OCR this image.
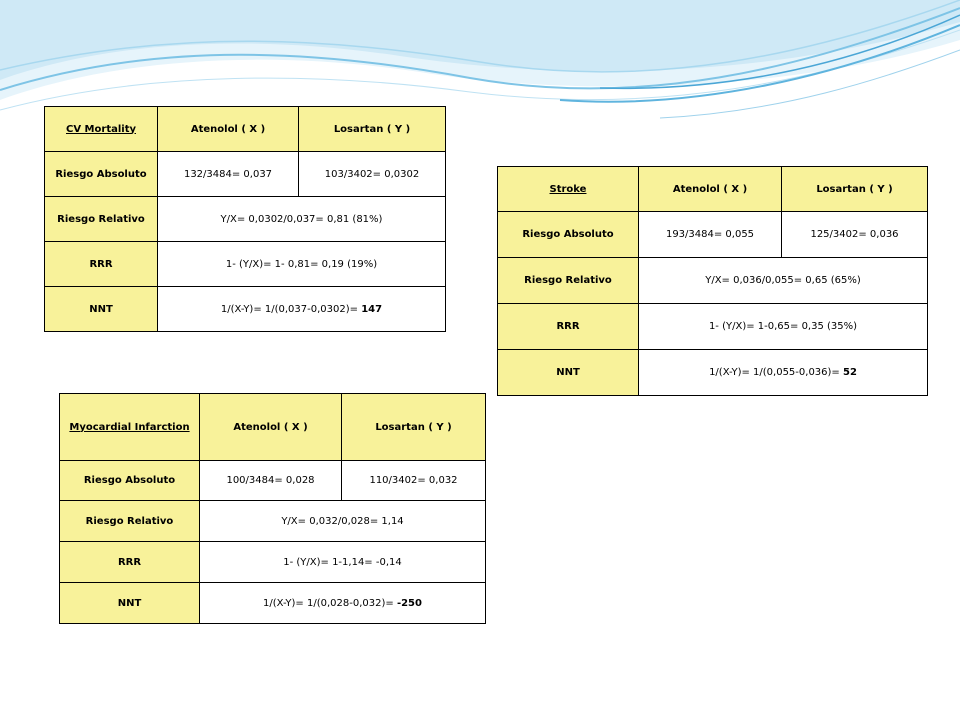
CV Mortality	Atenolol ( X )	Losartan ( Y )
Riesgo Absoluto	132/3484= 0,037	103/3402= 0,0302
Riesgo Relativo	Y/X= 0,0302/0,037= 0,81 (81%)	
RRR	1- (Y/X)= 1- 0,81= 0,19 (19%)	
NNT	1/(X-Y)= 1/(0,037-0,0302)= 147	
Stroke	Atenolol ( X )	Losartan ( Y )
Riesgo Absoluto	193/3484= 0,055	125/3402= 0,036
Riesgo Relativo	Y/X= 0,036/0,055= 0,65 (65%)	
RRR	1- (Y/X)= 1-0,65= 0,35 (35%)	
NNT	1/(X-Y)= 1/(0,055-0,036)= 52	
Myocardial Infarction	Atenolol ( X )	Losartan ( Y )
Riesgo Absoluto	100/3484= 0,028	110/3402= 0,032
Riesgo Relativo	Y/X= 0,032/0,028= 1,14	
RRR	1- (Y/X)= 1-1,14= -0,14	
NNT	1/(X-Y)= 1/(0,028-0,032)= -250	
